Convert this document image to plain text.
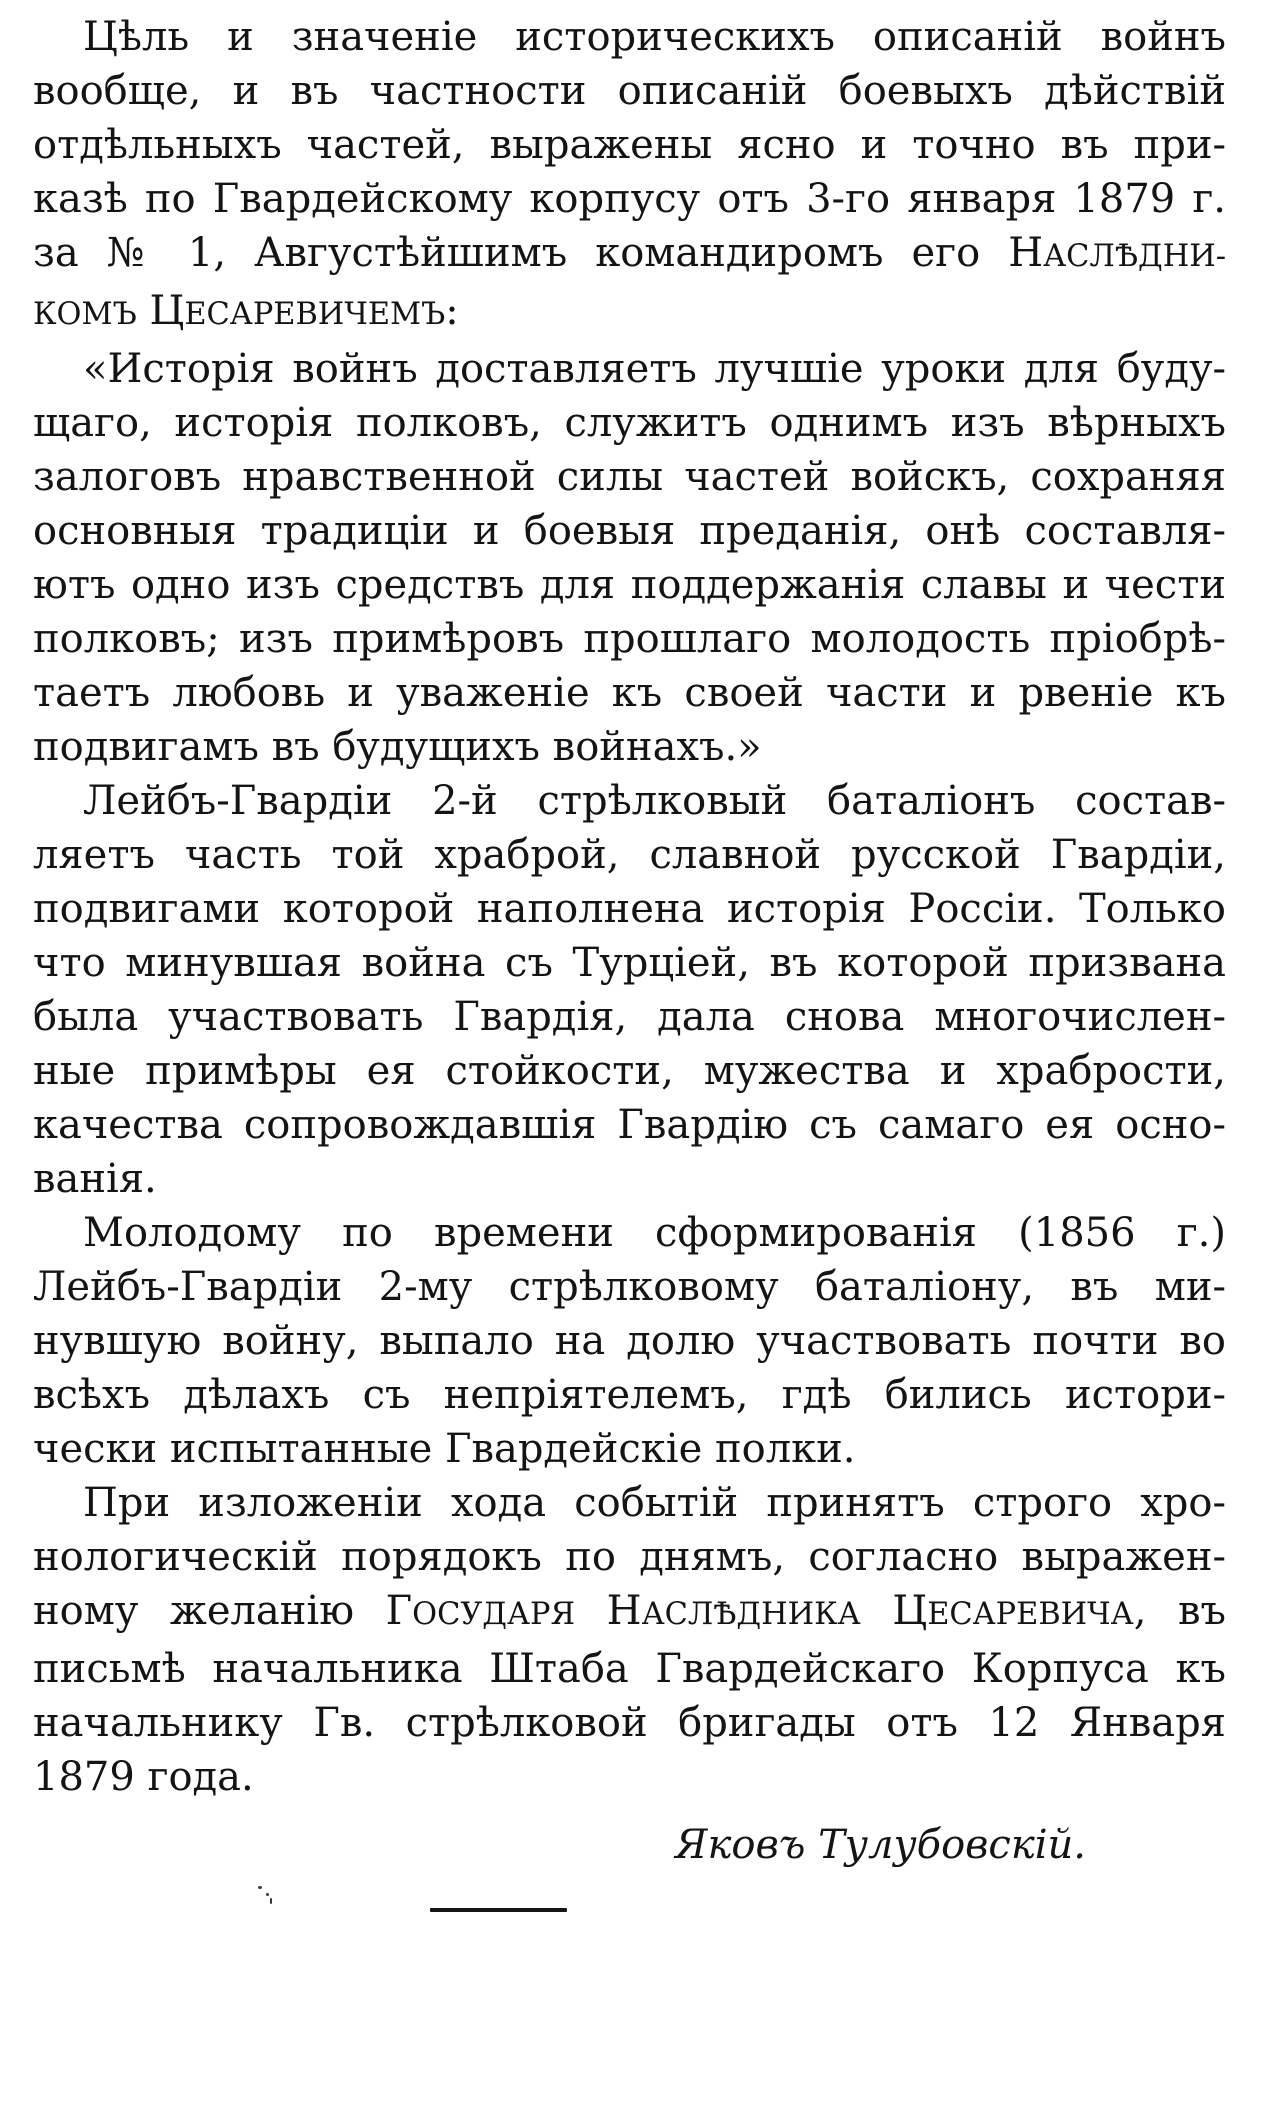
Цѣль и значеніе историческихъ описаній войнъ
вообще, и въ частности описаній боевыхъ дѣйствій
отдѣльныхъ частей, выражены ясно и точно въ при-
казѣ по Гвардейскому корпусу отъ 3-го января 1879 г.
за № 1, Августѣйшимъ командиромъ его НАСЛѢДНИ-
КОМЪ ЦЕСАРЕВИЧЕМЪ:
«Исторія войнъ доставляетъ лучшіе уроки для буду-
щаго, исторія полковъ, служитъ однимъ изъ вѣрныхъ
залоговъ нравственной силы частей войскъ, сохраняя
основныя традиціи и боевыя преданія, онѣ составля-
ютъ одно изъ средствъ для поддержанія славы и чести
полковъ; изъ примѣровъ прошлаго молодость пріобрѣ-
таетъ любовь и уваженіе къ своей части и рвеніе къ
подвигамъ въ будущихъ войнахъ.»
Лейбъ-Гвардіи 2-й стрѣлковый баталіонъ состав-
ляетъ часть той храброй, славной русской Гвардіи,
подвигами которой наполнена исторія Россіи. Только
что минувшая война съ Турціей, въ которой призвана
была участвовать Гвардія, дала снова многочислен-
ные примѣры ея стойкости, мужества и храбрости,
качества сопровождавшія Гвардію съ самаго ея осно-
ванія.
Молодому по времени сформированія (1856 г.)
Лейбъ-Гвардіи 2-му стрѣлковому баталіону, въ ми-
нувшую войну, выпало на долю участвовать почти во
всѣхъ дѣлахъ съ непріятелемъ, гдѣ бились истори-
чески испытанные Гвардейскіе полки.
При изложеніи хода событій принятъ строго хро-
нологическій порядокъ по днямъ, согласно выражен-
ному желанію ГОСУДАРЯ НАСЛѢДНИКА ЦЕСАРЕВИЧА, въ
письмѣ начальника Штаба Гвардейскаго Корпуса къ
начальнику Гв. стрѣлковой бригады отъ 12 Января
1879 года.
Яковъ Тулубовскій.
